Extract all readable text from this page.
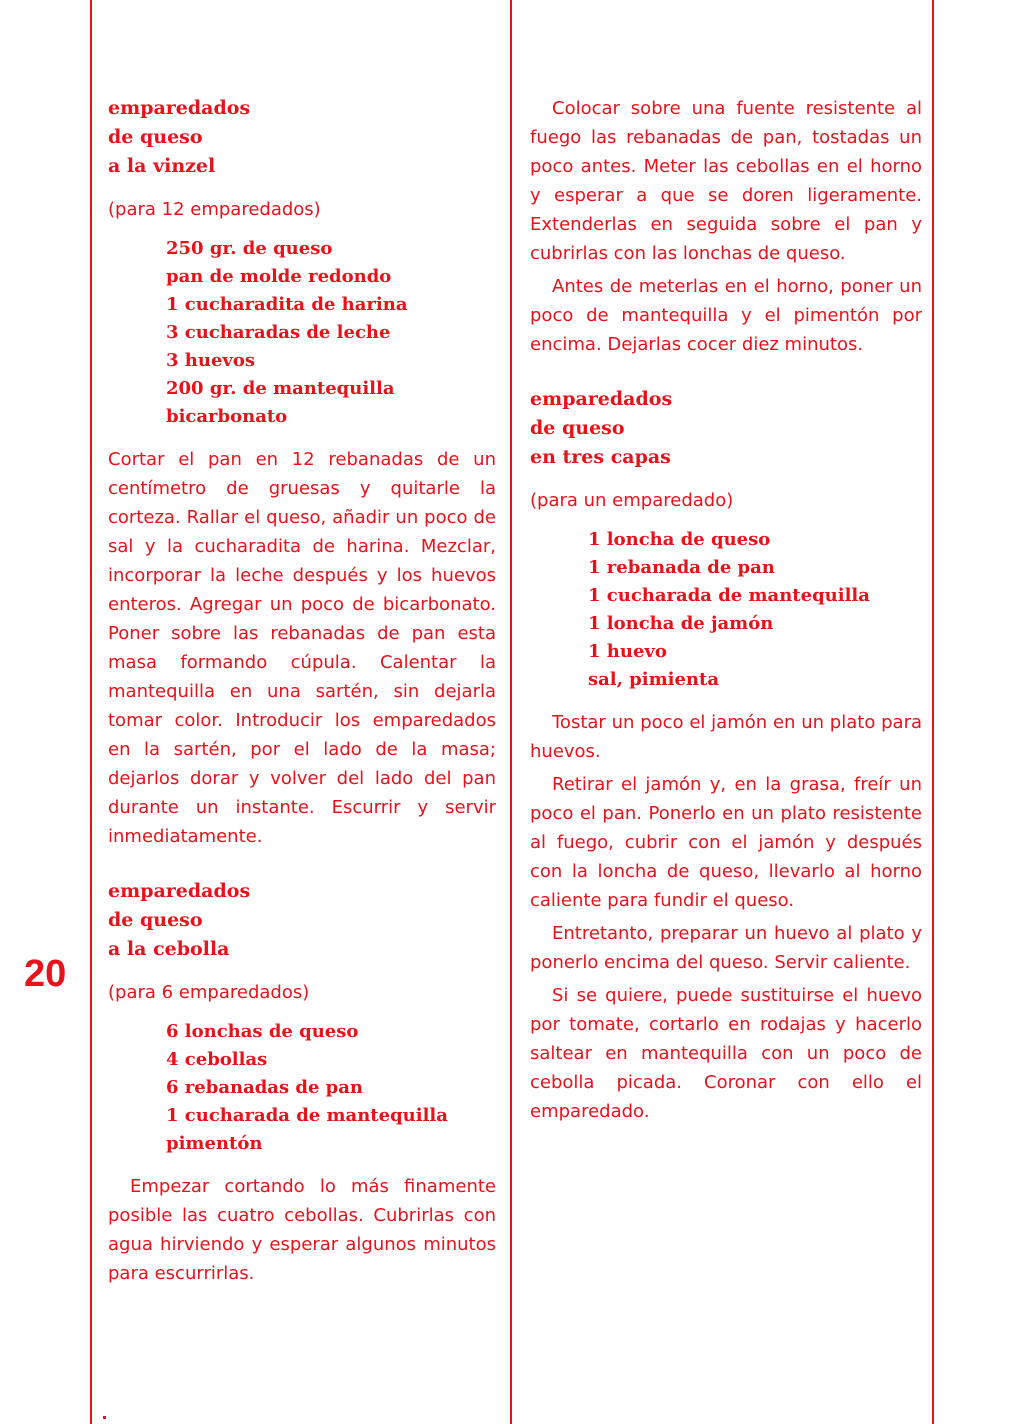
20
emparedados
de queso
a la vinzel
(para 12 emparedados)
250 gr. de queso
pan de molde redondo
1 cucharadita de harina
3 cucharadas de leche
3 huevos
200 gr. de mantequilla
bicarbonato

Cortar el pan en 12 rebanadas de un centímetro de gruesas y quitarle la corteza. Rallar el queso, añadir un poco de sal y la cucharadita de harina. Mezclar, incorporar la leche después y los huevos enteros. Agregar un poco de bicarbonato. Poner sobre las rebanadas de pan esta masa formando cúpula. Calentar la mantequilla en una sartén, sin dejarla tomar color. Introducir los emparedados en la sartén, por el lado de la masa; dejarlos dorar y volver del lado del pan durante un instante. Escurrir y servir inmediatamente.

emparedados
de queso
a la cebolla
(para 6 emparedados)
6 lonchas de queso
4 cebollas
6 rebanadas de pan
1 cucharada de mantequilla
pimentón

Empezar cortando lo más finamente posible las cuatro cebollas. Cubrirlas con agua hirviendo y esperar algunos minutos para escurrirlas.

Colocar sobre una fuente resistente al fuego las rebanadas de pan, tostadas un poco antes. Meter las cebollas en el horno y esperar a que se doren ligeramente. Extenderlas en seguida sobre el pan y cubrirlas con las lonchas de queso.

Antes de meterlas en el horno, poner un poco de mantequilla y el pimentón por encima. Dejarlas cocer diez minutos.

emparedados
de queso
en tres capas
(para un emparedado)
1 loncha de queso
1 rebanada de pan
1 cucharada de mantequilla
1 loncha de jamón
1 huevo
sal, pimienta

Tostar un poco el jamón en un plato para huevos.

Retirar el jamón y, en la grasa, freír un poco el pan. Ponerlo en un plato resistente al fuego, cubrir con el jamón y después con la loncha de queso, llevarlo al horno caliente para fundir el queso.

Entretanto, preparar un huevo al plato y ponerlo encima del queso. Servir caliente.

Si se quiere, puede sustituirse el huevo por tomate, cortarlo en rodajas y hacerlo saltear en mantequilla con un poco de cebolla picada. Coronar con ello el emparedado.
